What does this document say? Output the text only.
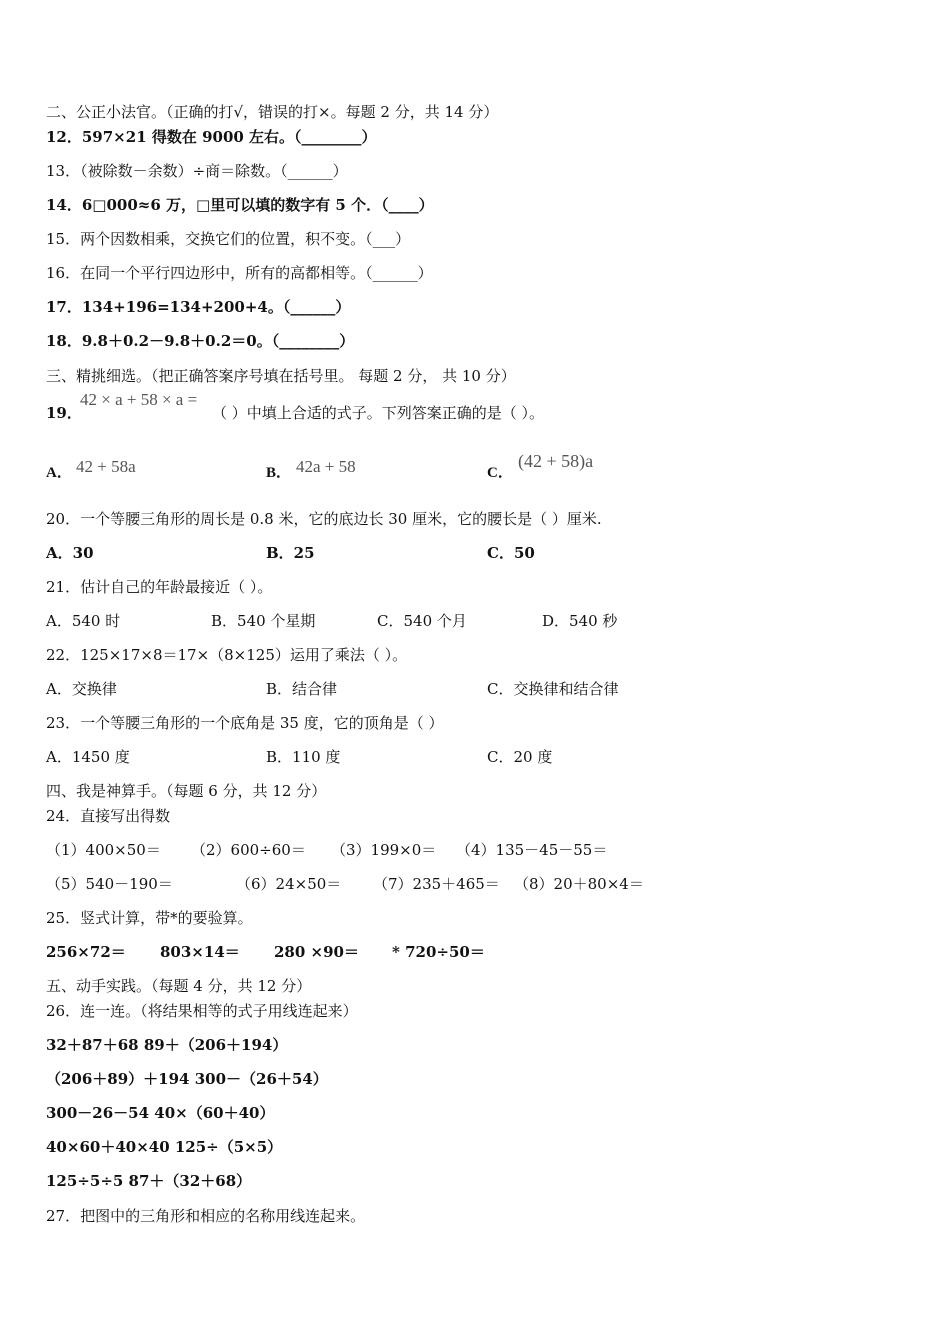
二、公正小法官。（正确的打√，错误的打×。每题 2 分，共 14 分）
12．597×21 得数在 9000 左右。（________）
13．（被除数－余数）÷商＝除数。（______）
14．6□000≈6 万，□里可以填的数字有 5 个．（____）
15．两个因数相乘，交换它们的位置，积不变。（___）
16．在同一个平行四边形中，所有的高都相等。（______）
17．134+196=134+200+4。（______）
18．9.8＋0.2－9.8＋0.2＝0。（________）
三、精挑细选。（把正确答案序号填在括号里。 每题 2 分， 共 10 分）
19．
42 × a + 58 × a =
（ ）中填上合适的式子。下列答案正确的是（ ）。
A． 42 + 58a	B． 42a + 58	C．
(42 + 58)a
20．一个等腰三角形的周长是 0.8 米，它的底边长 30 厘米，它的腰长是（ ）厘米.
A．30	B．25	C．50
21．估计自己的年龄最接近（ ）。
A．540 时	B．540 个星期	C．540 个月	D．540 秒
22．125×17×8＝17×（8×125）运用了乘法（ ）。
A．交换律	B．结合律	C．交换律和结合律
23．一个等腰三角形的一个底角是 35 度，它的顶角是（ ）
A．1450 度	B．110 度	C．20 度
四、我是神算手。（每题 6 分，共 12 分）
24．直接写出得数
（1）400×50＝ （2）600÷60＝ （3）199×0＝ （4）135－45－55＝
（5）540－190＝	（6）24×50＝ （7）235＋465＝ （8）20＋80×4＝
25．竖式计算，带*的要验算。
256×72＝ 803×14＝ 280 ×90＝ * 720÷50＝
五、动手实践。（每题 4 分，共 12 分）
26．连一连。（将结果相等的式子用线连起来）
32＋87＋68 89＋（206＋194）
（206＋89）＋194 300－（26＋54）
300－26－54 40×（60＋40）
40×60＋40×40 125÷（5×5）
125÷5÷5 87＋（32＋68）
27．把图中的三角形和相应的名称用线连起来。
